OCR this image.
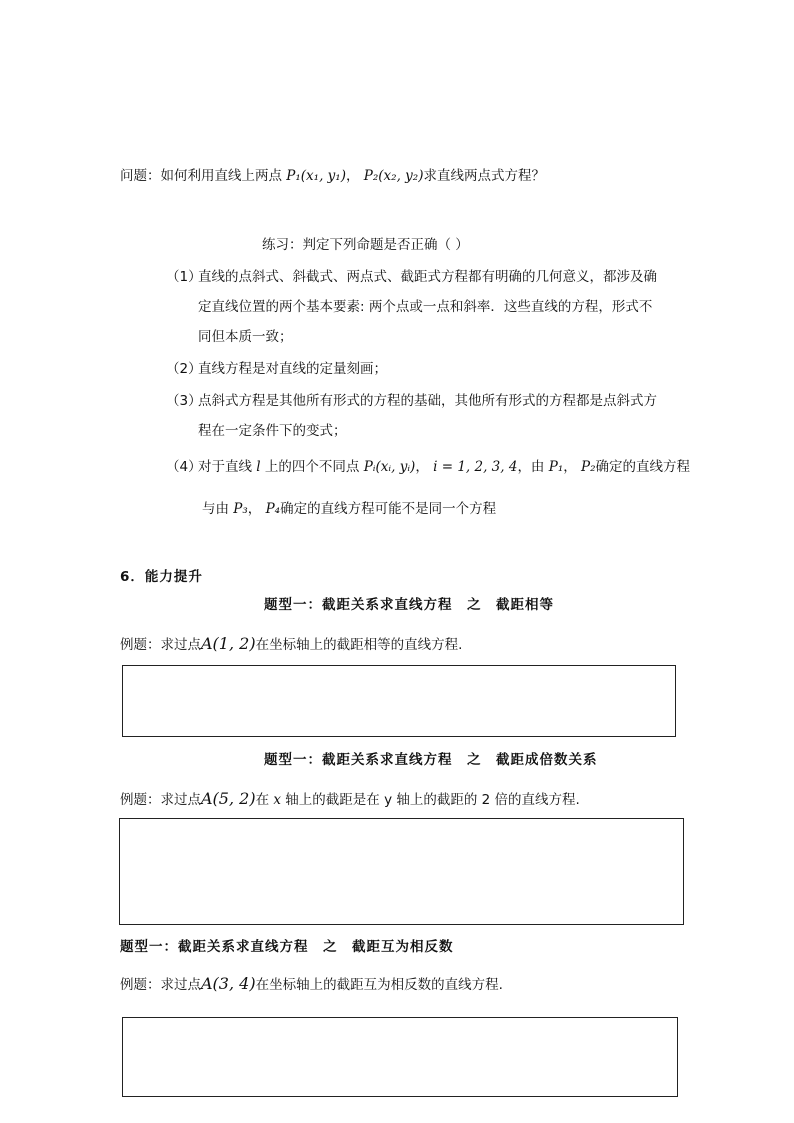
问题：如何利用直线上两点 P₁(x₁, y₁)， P₂(x₂, y₂)求直线两点式方程？
练习：判定下列命题是否正确（ ）
（1）
直线的点斜式、斜截式、两点式、截距式方程都有明确的几何意义，都涉及确
定直线位置的两个基本要素: 两个点或一点和斜率．这些直线的方程，形式不
同但本质一致；
（2）
直线方程是对直线的定量刻画；
（3）
点斜式方程是其他所有形式的方程的基础，其他所有形式的方程都是点斜式方
程在一定条件下的变式；
（4）
对于直线 l 上的四个不同点 Pᵢ(xᵢ, yᵢ)， i = 1, 2, 3, 4，由 P₁， P₂确定的直线方程
与由 P₃， P₄确定的直线方程可能不是同一个方程
6．能力提升
题型一：截距关系求直线方程　之　截距相等
例题：求过点A(1, 2)在坐标轴上的截距相等的直线方程.
题型一：截距关系求直线方程　之　截距成倍数关系
例题：求过点A(5, 2)在 x 轴上的截距是在 y 轴上的截距的 2 倍的直线方程.
题型一：截距关系求直线方程　之　截距互为相反数
例题：求过点A(3, 4)在坐标轴上的截距互为相反数的直线方程.
